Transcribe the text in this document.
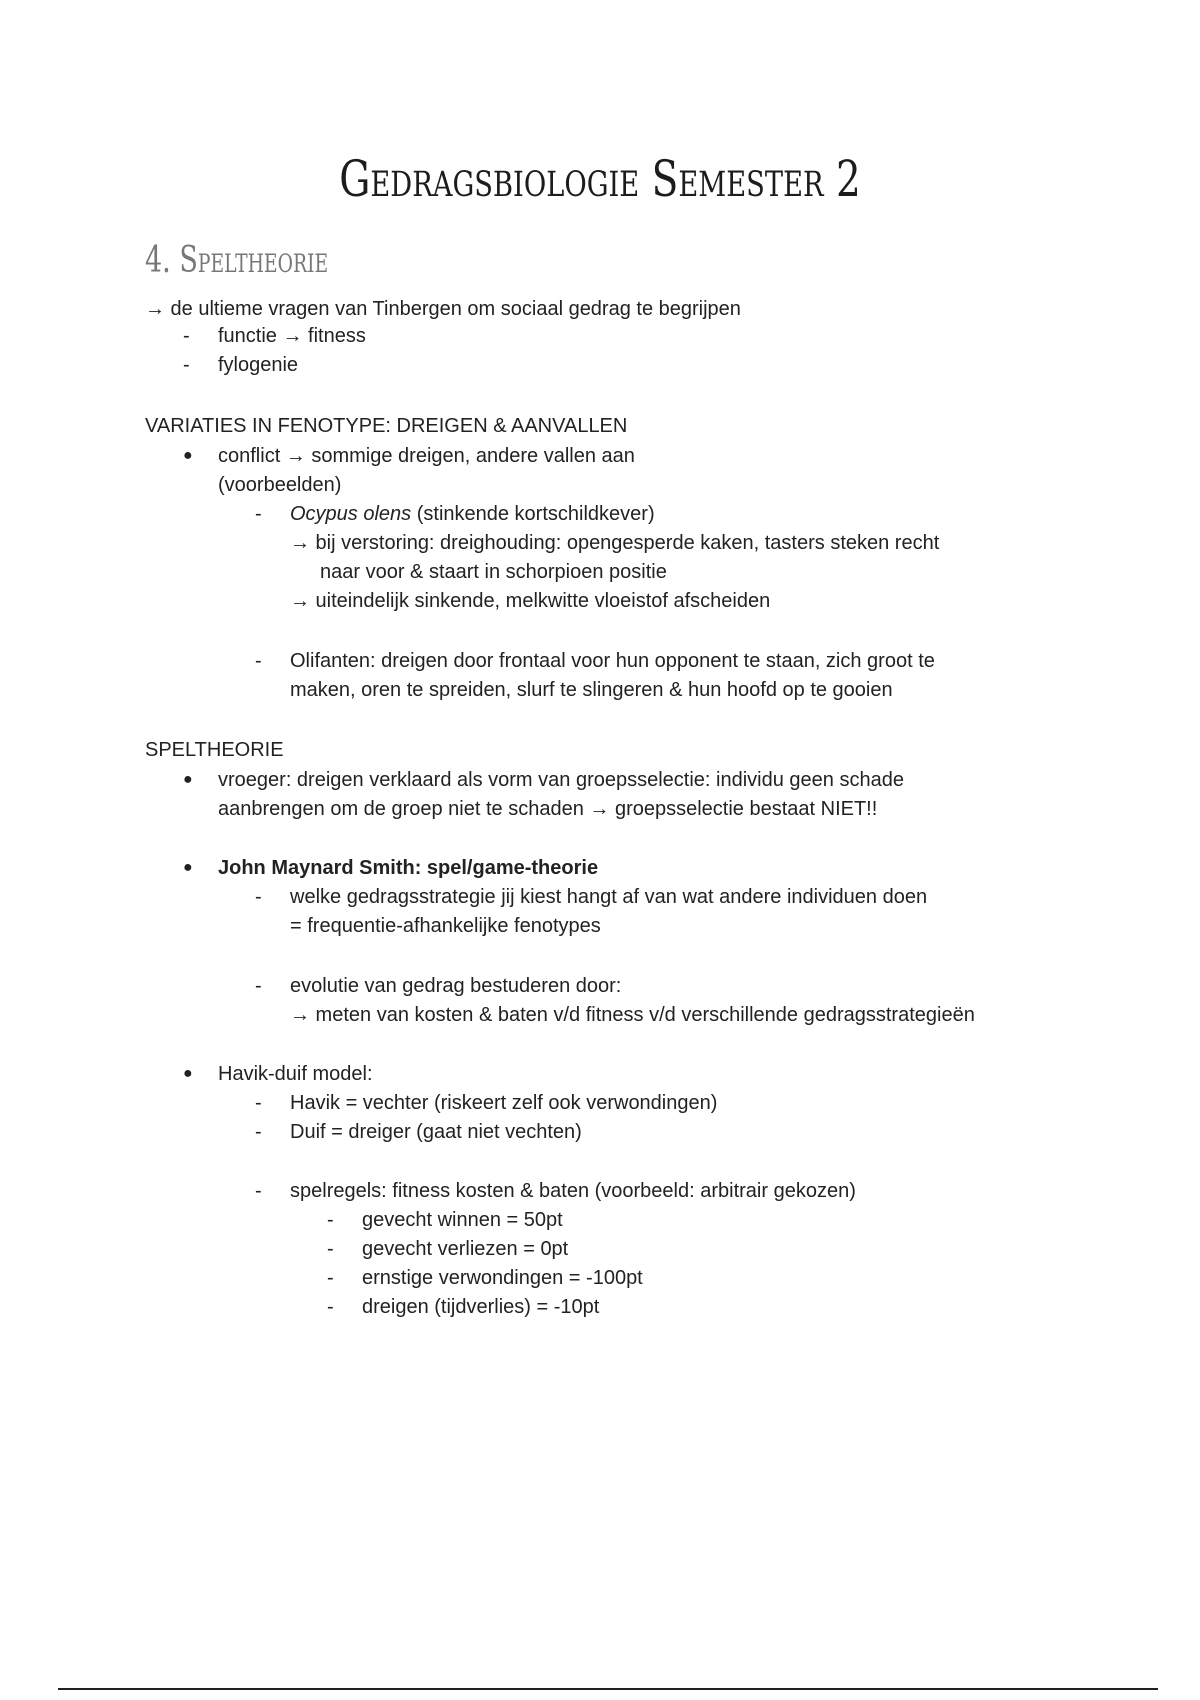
Gedragsbiologie Semester 2
4. Speltheorie
→ de ultieme vragen van Tinbergen om sociaal gedrag te begrijpen
- functie → fitness
- fylogenie
VARIATIES IN FENOTYPE: DREIGEN & AANVALLEN
● conflict → sommige dreigen, andere vallen aan
(voorbeelden)
- Ocypus olens (stinkende kortschildkever)
→ bij verstoring: dreighouding: opengesperde kaken, tasters steken recht
naar voor & staart in schorpioen positie
→ uiteindelijk sinkende, melkwitte vloeistof afscheiden
- Olifanten: dreigen door frontaal voor hun opponent te staan, zich groot te
maken, oren te spreiden, slurf te slingeren & hun hoofd op te gooien
SPELTHEORIE
● vroeger: dreigen verklaard als vorm van groepsselectie: individu geen schade
aanbrengen om de groep niet te schaden → groepsselectie bestaat NIET!!
● John Maynard Smith: spel/game-theorie
- welke gedragsstrategie jij kiest hangt af van wat andere individuen doen
= frequentie-afhankelijke fenotypes
- evolutie van gedrag bestuderen door:
→ meten van kosten & baten v/d fitness v/d verschillende gedragsstrategieën
● Havik-duif model:
- Havik = vechter (riskeert zelf ook verwondingen)
- Duif = dreiger (gaat niet vechten)
- spelregels: fitness kosten & baten (voorbeeld: arbitrair gekozen)
- gevecht winnen = 50pt
- gevecht verliezen = 0pt
- ernstige verwondingen = -100pt
- dreigen (tijdverlies) = -10pt
